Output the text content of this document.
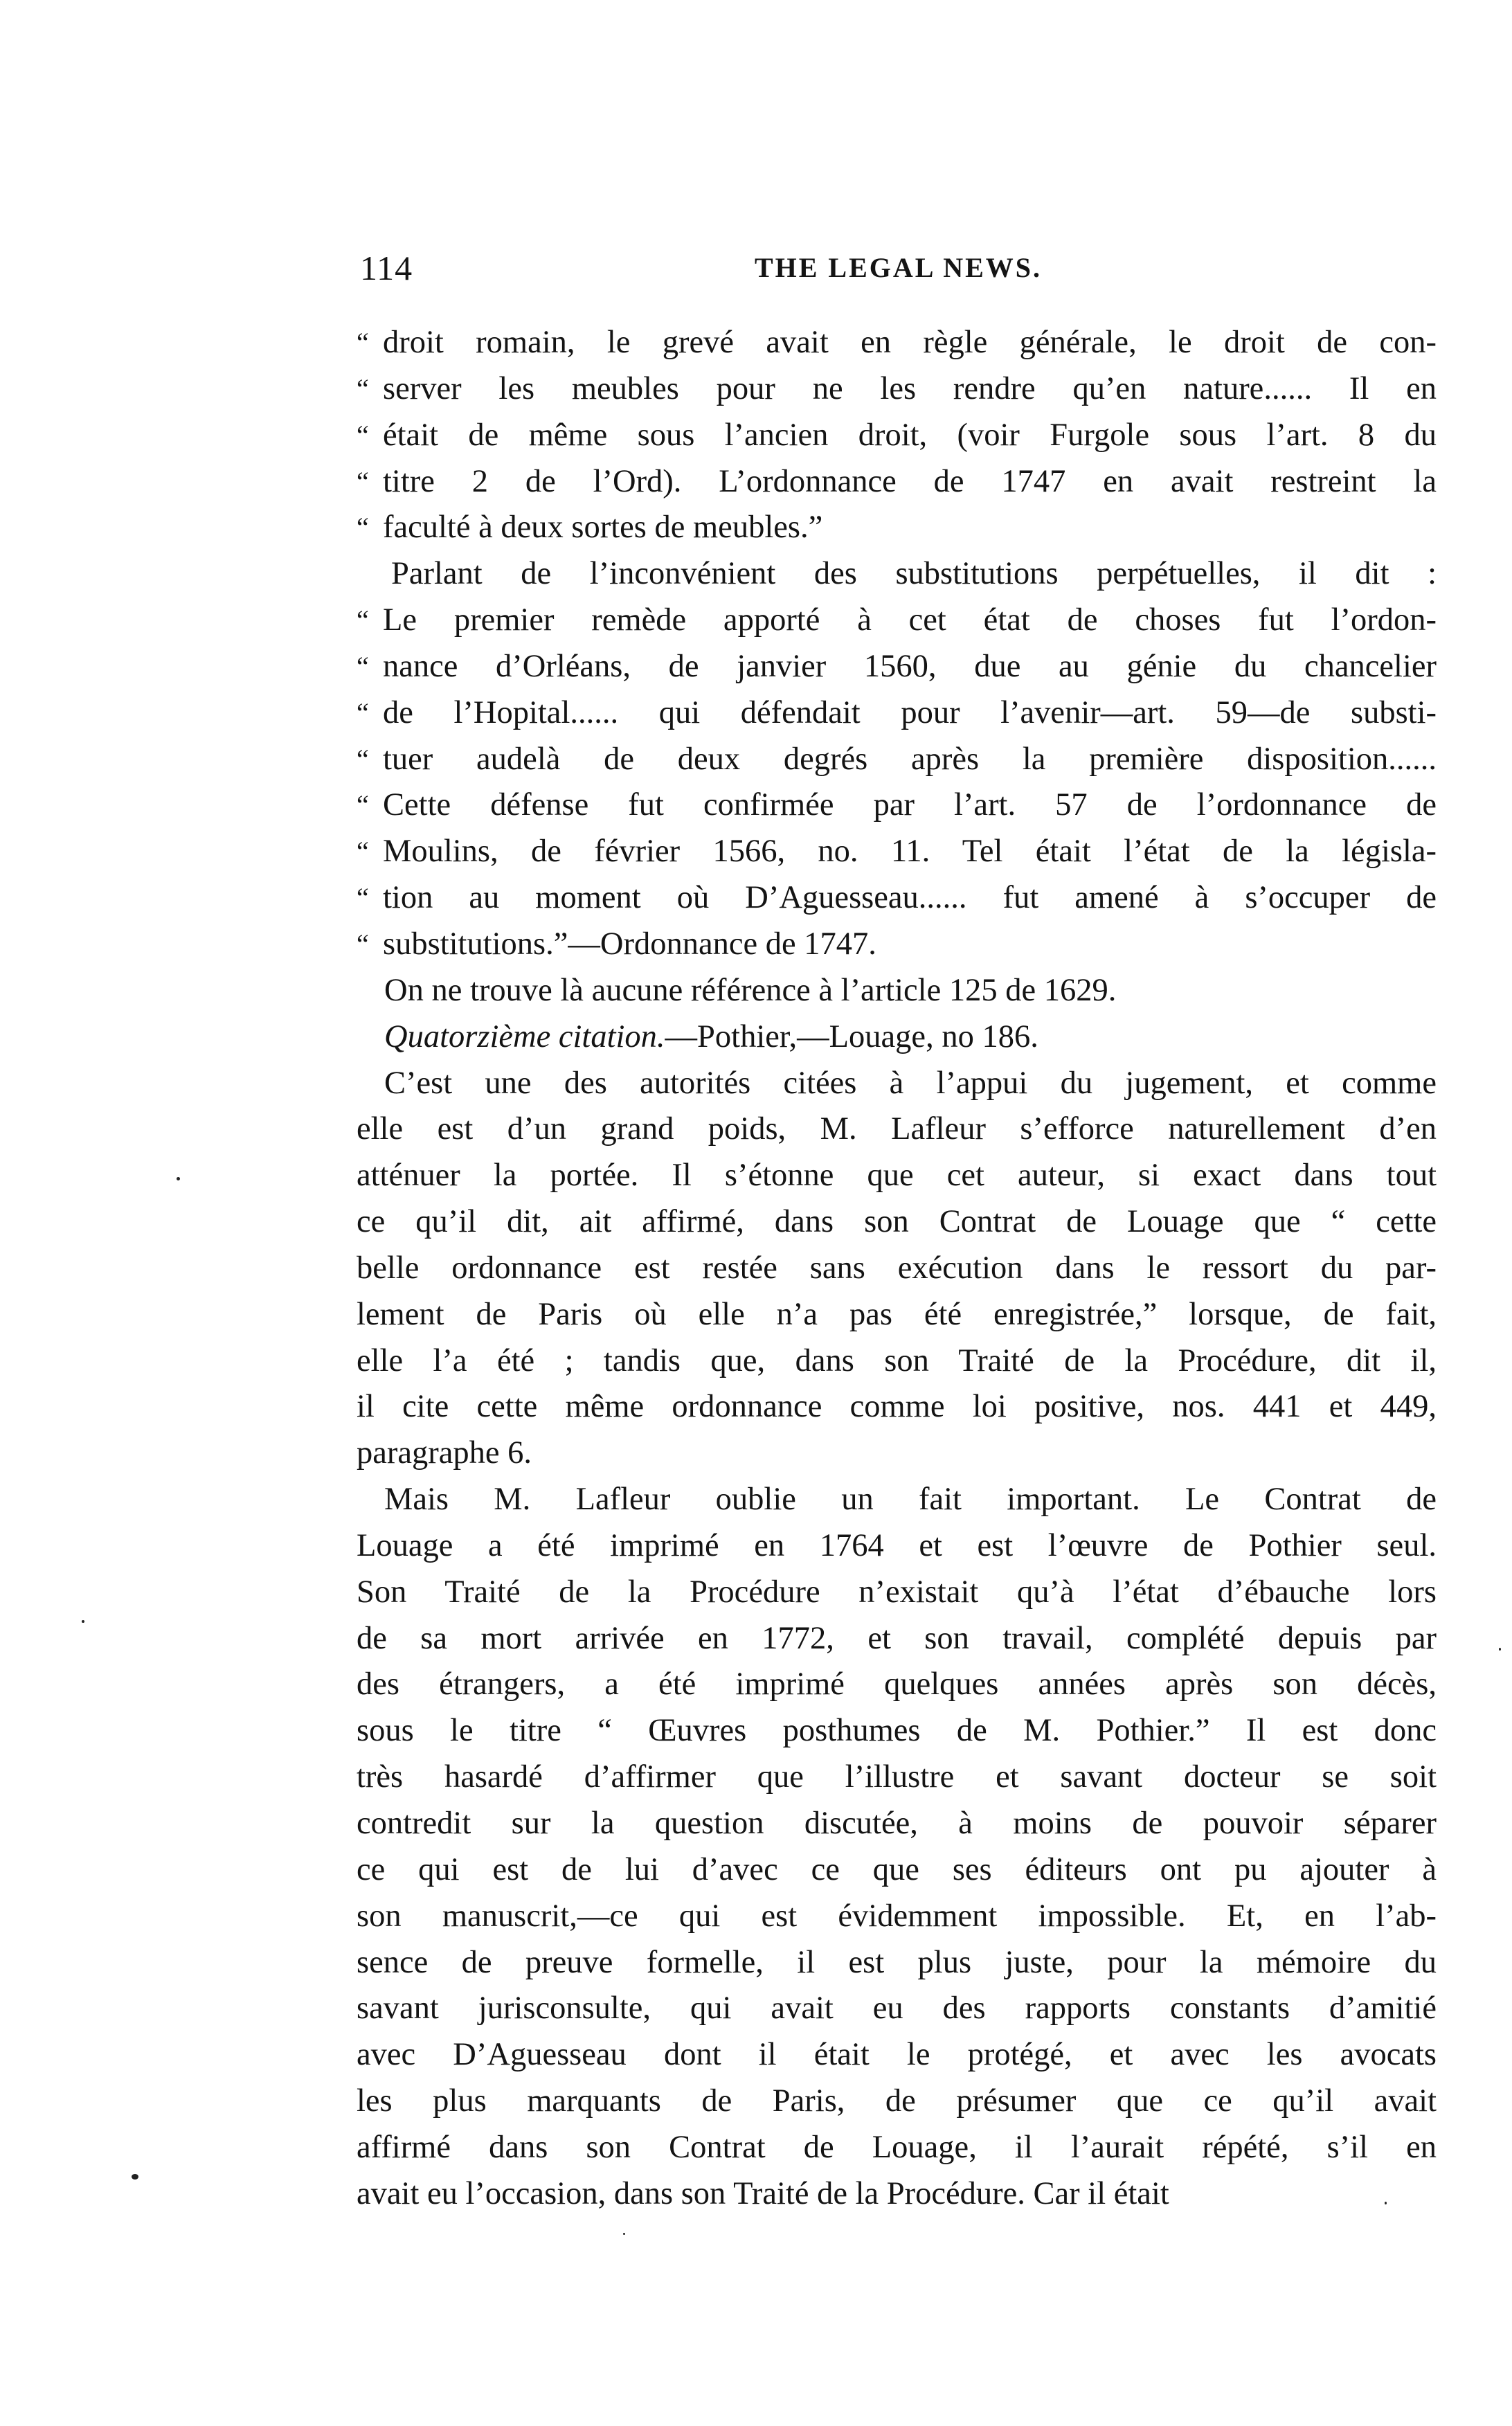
114	THE LEGAL NEWS.
“ droit romain, le grevé avait en règle générale, le droit de con-
“ server les meubles pour ne les rendre qu’en nature...... Il en
“ était de même sous l’ancien droit, (voir Furgole sous l’art. 8 du
“ titre 2 de l’Ord). L’ordonnance de 1747 en avait restreint la
“ faculté à deux sortes de meubles.”
Parlant de l’inconvénient des substitutions perpétuelles, il dit :
“ Le premier remède apporté à cet état de choses fut l’ordon-
“ nance d’Orléans, de janvier 1560, due au génie du chancelier
“ de l’Hopital...... qui défendait pour l’avenir—art. 59—de substi-
“ tuer audelà de deux degrés après la première disposition......
“ Cette défense fut confirmée par l’art. 57 de l’ordonnance de
“ Moulins, de février 1566, no. 11. Tel était l’état de la législa-
“ tion au moment où D’Aguesseau...... fut amené à s’occuper de
“ substitutions.”—Ordonnance de 1747.
On ne trouve là aucune référence à l’article 125 de 1629.
Quatorzième citation.—Pothier,—Louage, no 186.
C’est une des autorités citées à l’appui du jugement, et comme
elle est d’un grand poids, M. Lafleur s’efforce naturellement d’en
atténuer la portée. Il s’étonne que cet auteur, si exact dans tout
ce qu’il dit, ait affirmé, dans son Contrat de Louage que “ cette
belle ordonnance est restée sans exécution dans le ressort du par-
lement de Paris où elle n’a pas été enregistrée,” lorsque, de fait,
elle l’a été ; tandis que, dans son Traité de la Procédure, dit il,
il cite cette même ordonnance comme loi positive, nos. 441 et 449,
paragraphe 6.
Mais M. Lafleur oublie un fait important. Le Contrat de
Louage a été imprimé en 1764 et est l’œuvre de Pothier seul.
Son Traité de la Procédure n’existait qu’à l’état d’ébauche lors
de sa mort arrivée en 1772, et son travail, complété depuis par
des étrangers, a été imprimé quelques années après son décès,
sous le titre “ Œuvres posthumes de M. Pothier.” Il est donc
très hasardé d’affirmer que l’illustre et savant docteur se soit
contredit sur la question discutée, à moins de pouvoir séparer
ce qui est de lui d’avec ce que ses éditeurs ont pu ajouter à
son manuscrit,—ce qui est évidemment impossible. Et, en l’ab-
sence de preuve formelle, il est plus juste, pour la mémoire du
savant jurisconsulte, qui avait eu des rapports constants d’amitié
avec D’Aguesseau dont il était le protégé, et avec les avocats
les plus marquants de Paris, de présumer que ce qu’il avait
affirmé dans son Contrat de Louage, il l’aurait répété, s’il en
avait eu l’occasion, dans son Traité de la Procédure. Car il était
